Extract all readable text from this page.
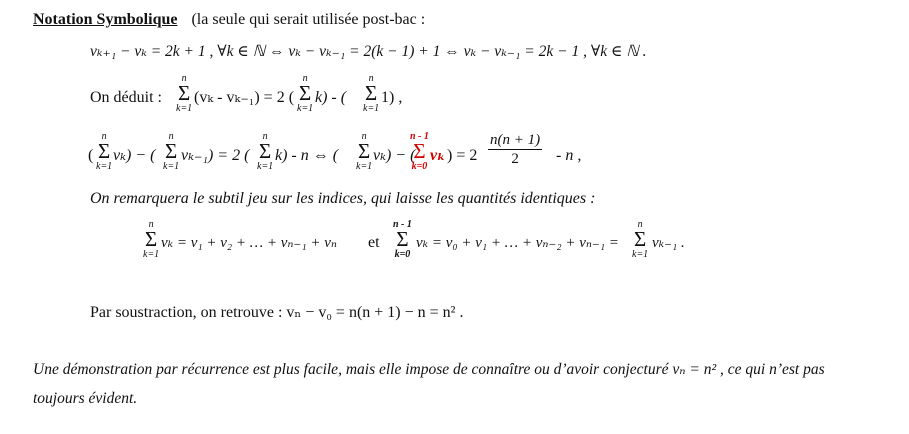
Notation Symbolique (la seule qui serait utilisée post-bac :
vₖ₊₁ − vₖ = 2k + 1 , ∀k ∈ ℕ ⇔ vₖ − vₖ₋₁ = 2(k − 1) + 1 ⇔ vₖ − vₖ₋₁ = 2k − 1 , ∀k ∈ ℕ .
On déduit :
n
Σ
k=1
(vₖ - vₖ₋₁) = 2 (
n
Σ
k=1
k) - (
n
Σ
k=1
1) ,
(
n
Σ
k=1
vₖ) − (
n
Σ
k=1
vₖ₋₁) = 2 (
n
Σ
k=1
k) - n ⇔ (
n
Σ
k=1
vₖ) − (
n - 1
Σ
k=0
vₖ ) = $2 \frac{n(n + 1)}{2}$ - n ,
On remarquera le subtil jeu sur les indices, qui laisse les quantités identiques :
n
Σ
k=1
vₖ = v₁ + v₂ + … + vₙ₋₁ + vₙ et
n - 1
Σ
k=0
vₖ = v₀ + v₁ + … + vₙ₋₂ + vₙ₋₁ =
n
Σ
k=1
vₖ₋₁ .
Par soustraction, on retrouve : vₙ − v₀ = n(n + 1) − n = n² .
Une démonstration par récurrence est plus facile, mais elle impose de connaître ou d’avoir conjecturé vₙ = n² , ce qui n’est pas
toujours évident.
